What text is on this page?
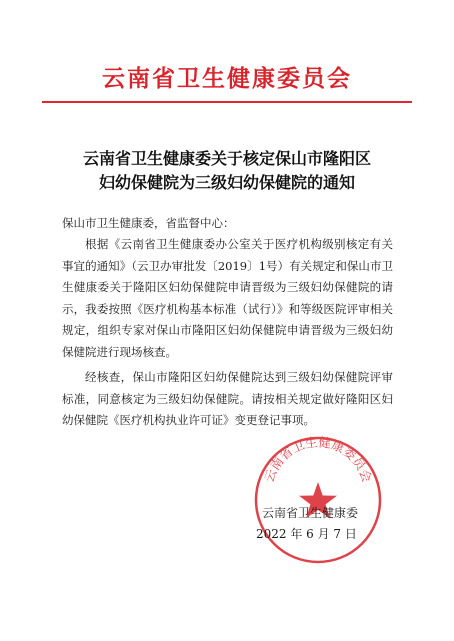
云南省卫生健康委员会
云南省卫生健康委关于核定保山市隆阳区
妇幼保健院为三级妇幼保健院的通知
保山市卫生健康委，省监督中心：
根据《云南省卫生健康委办公室关于医疗机构级别核定有关事宜的通知》（云卫办审批发〔2019〕1号）有关规定和保山市卫生健康委关于隆阳区妇幼保健院申请晋级为三级妇幼保健院的请示，我委按照《医疗机构基本标准（试行）》和等级医院评审相关规定，组织专家对保山市隆阳区妇幼保健院申请晋级为三级妇幼保健院进行现场核查。
经核查，保山市隆阳区妇幼保健院达到三级妇幼保健院评审标准，同意核定为三级妇幼保健院。请按相关规定做好隆阳区妇幼保健院《医疗机构执业许可证》变更登记事项。
云南省卫生健康委员会
云南省卫生健康委
2022 年 6 月 7 日
